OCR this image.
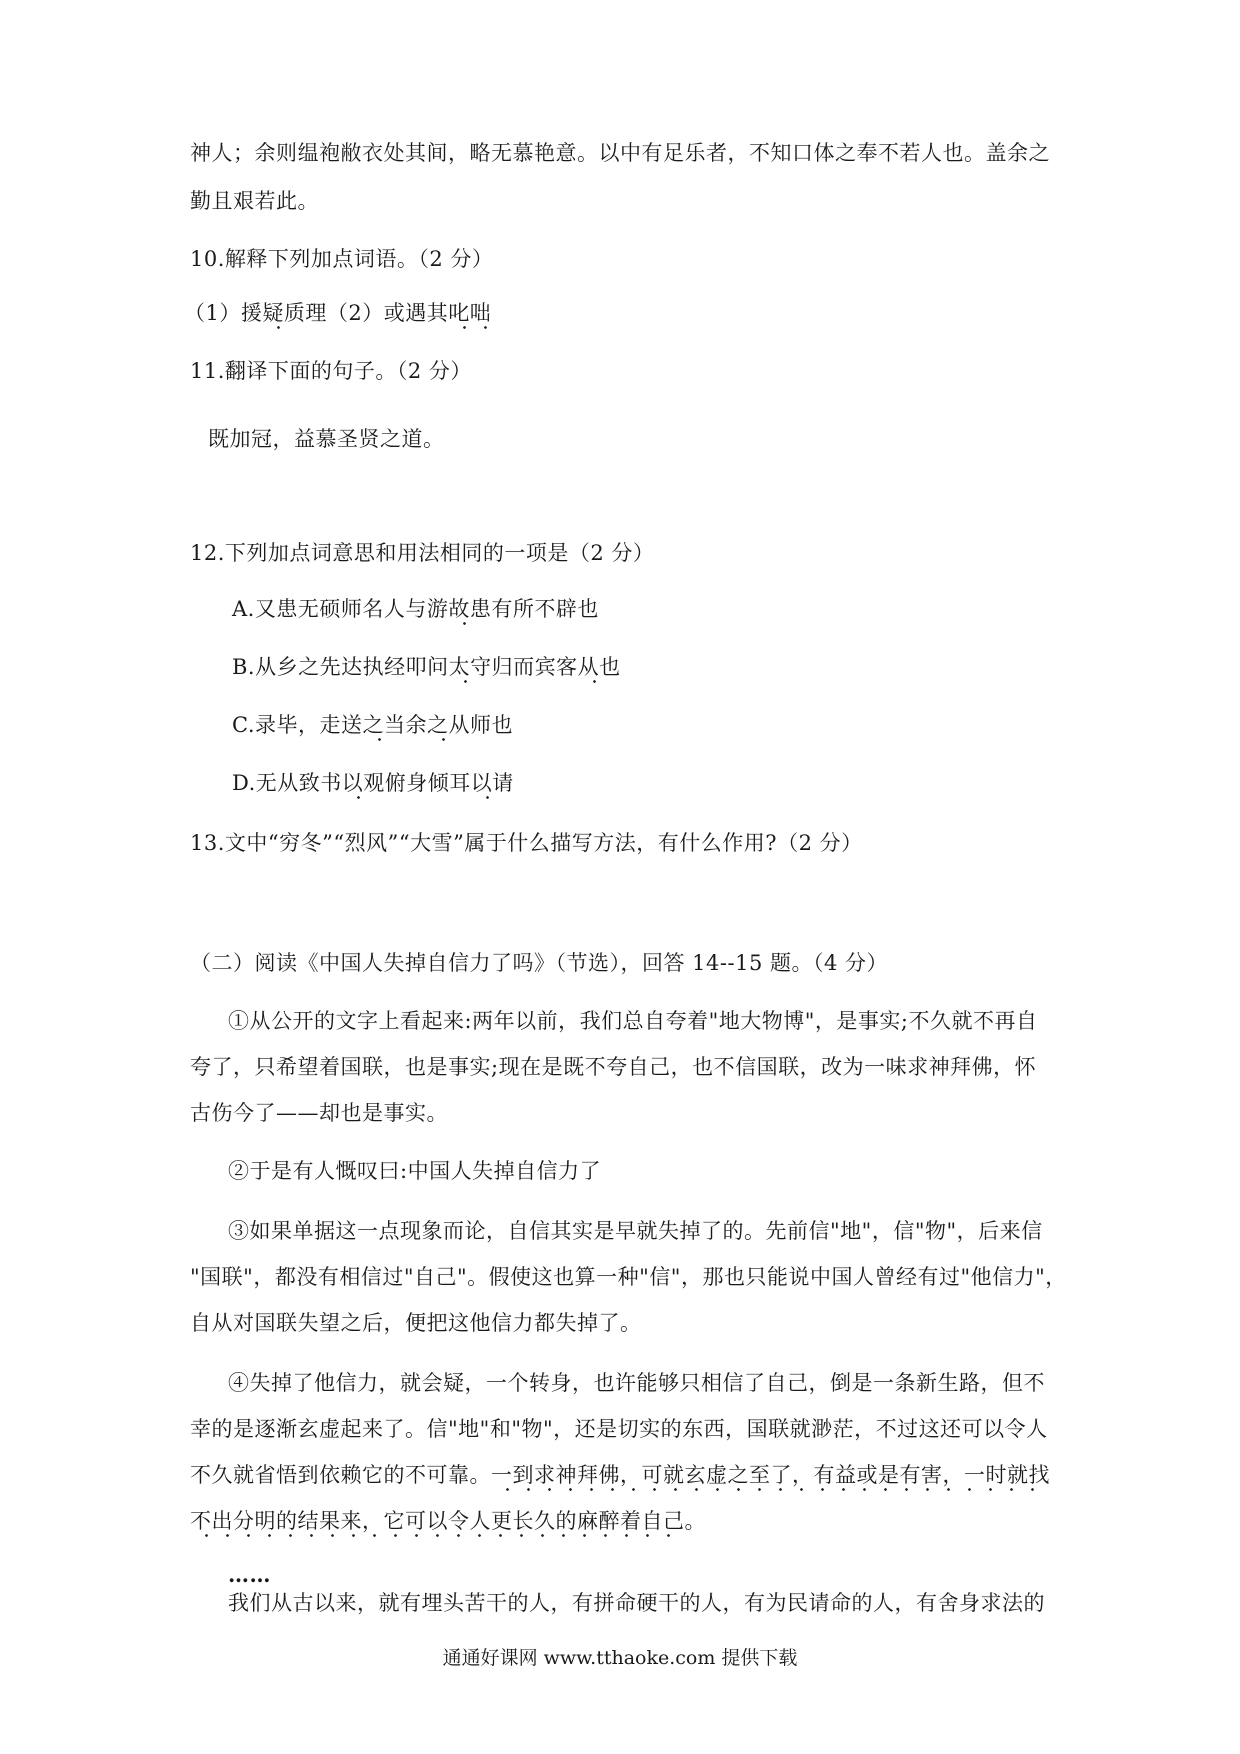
神人；余则缊袍敝衣处其间，略无慕艳意。以中有足乐者，不知口体之奉不若人也。盖余之
勤且艰若此。
10.解释下列加点词语。（2 分）
（1）援疑质理（2）或遇其叱咄
11.翻译下面的句子。（2 分）
既加冠，益慕圣贤之道。
12.下列加点词意思和用法相同的一项是（2 分）
A.又患无硕师名人与游故患有所不辟也
B.从乡之先达执经叩问太守归而宾客从也
C.录毕，走送之当余之从师也
D.无从致书以观俯身倾耳以请
13.文中“穷冬”“烈风”“大雪”属于什么描写方法，有什么作用?（2 分）
（二）阅读《中国人失掉自信力了吗》（节选），回答 14--15 题。（4 分）
①从公开的文字上看起来:两年以前，我们总自夸着"地大物博"，是事实;不久就不再自
夸了，只希望着国联，也是事实;现在是既不夸自己，也不信国联，改为一味求神拜佛，怀
古伤今了——却也是事实。
②于是有人慨叹曰:中国人失掉自信力了
③如果单据这一点现象而论，自信其实是早就失掉了的。先前信"地"，信"物"，后来信
"国联"，都没有相信过"自己"。假使这也算一种"信"，那也只能说中国人曾经有过"他信力"，
自从对国联失望之后，便把这他信力都失掉了。
④失掉了他信力，就会疑，一个转身，也许能够只相信了自己，倒是一条新生路，但不
幸的是逐渐玄虚起来了。信"地"和"物"，还是切实的东西，国联就渺茫，不过这还可以令人
不久就省悟到依赖它的不可靠。一到求神拜佛，可就玄虚之至了，有益或是有害，一时就找
不出分明的结果来，它可以令人更长久的麻醉着自己。
……
我们从古以来，就有埋头苦干的人，有拼命硬干的人，有为民请命的人，有舍身求法的
通通好课网 www.tthaoke.com 提供下载
